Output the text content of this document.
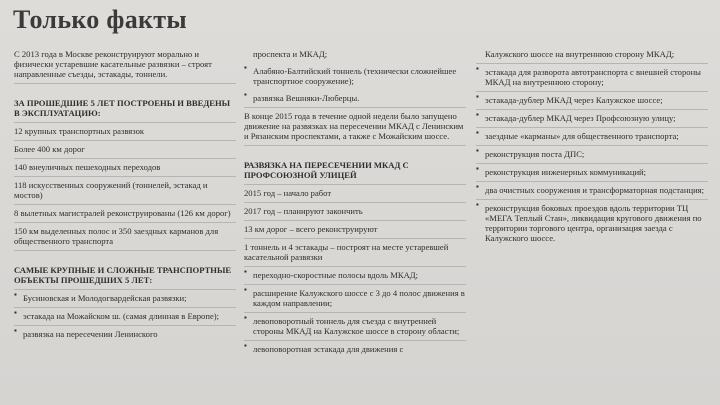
Только факты
С 2013 года в Москве реконструируют морально и физически устаревшие касательные развязки – строят направленные съезды, эстакады, тоннели.
ЗА ПРОШЕДШИЕ 5 ЛЕТ ПОСТРОЕНЫ И ВВЕДЕНЫ В ЭКСПЛУАТАЦИЮ:
12 крупных транспортных развязок
Более 400 км дорог
140 внеуличных пешеходных переходов
118 искусственных сооружений (тоннелей, эстакад и мостов)
8 вылетных магистралей реконструированы (126 км дорог)
150 км выделенных полос и 350 заездных карманов для общественного транспорта
САМЫЕ КРУПНЫЕ И СЛОЖНЫЕ ТРАНСПОРТНЫЕ ОБЪЕКТЫ ПРОШЕДШИХ 5 ЛЕТ:
▪ Бусиновская и Молодогвардейская развязки;
▪ эстакада на Можайском ш. (самая длинная в Европе);
▪ развязка на пересечении Ленинского
проспекта и МКАД;
▪ Алабяно-Балтийский тоннель (технически сложнейшее транспортное сооружение);
▪ развязка Вешняки-Люберцы.
В конце 2015 года в течение одной недели было запущено движение на развязках на пересечении МКАД с Ленинским и Рязанским проспектами, а также с Можайским шоссе.
РАЗВЯЗКА НА ПЕРЕСЕЧЕНИИ МКАД С ПРОФСОЮЗНОЙ УЛИЦЕЙ
2015 год – начало работ
2017 год – планируют закончить
13 км дорог – всего реконструируют
1 тоннель и 4 эстакады – построят на месте устаревшей касательной развязки
▪ переходно-скоростные полосы вдоль МКАД;
▪ расширение Калужского шоссе с 3 до 4 полос движения в каждом направлении;
▪ левоповоротный тоннель для съезда с внутренней стороны МКАД на Калужское шоссе в сторону области;
▪ левоповоротная эстакада для движения с
Калужского шоссе на внутреннюю сторону МКАД;
▪ эстакада для разворота автотранспорта с внешней стороны МКАД на внутреннюю сторону;
▪ эстакада-дублер МКАД через Калужское шоссе;
▪ эстакада-дублер МКАД через Профсоюзную улицу;
▪ заездные «карманы» для общественного транспорта;
▪ реконструкция поста ДПС;
▪ реконструкция инженерных коммуникаций;
▪ два очистных сооружения и трансформаторная подстанция;
▪ реконструкция боковых проездов вдоль территории ТЦ «МЕГА Теплый Стан», ликвидация кругового движения по территории торгового центра, организация заезда с Калужского шоссе.
